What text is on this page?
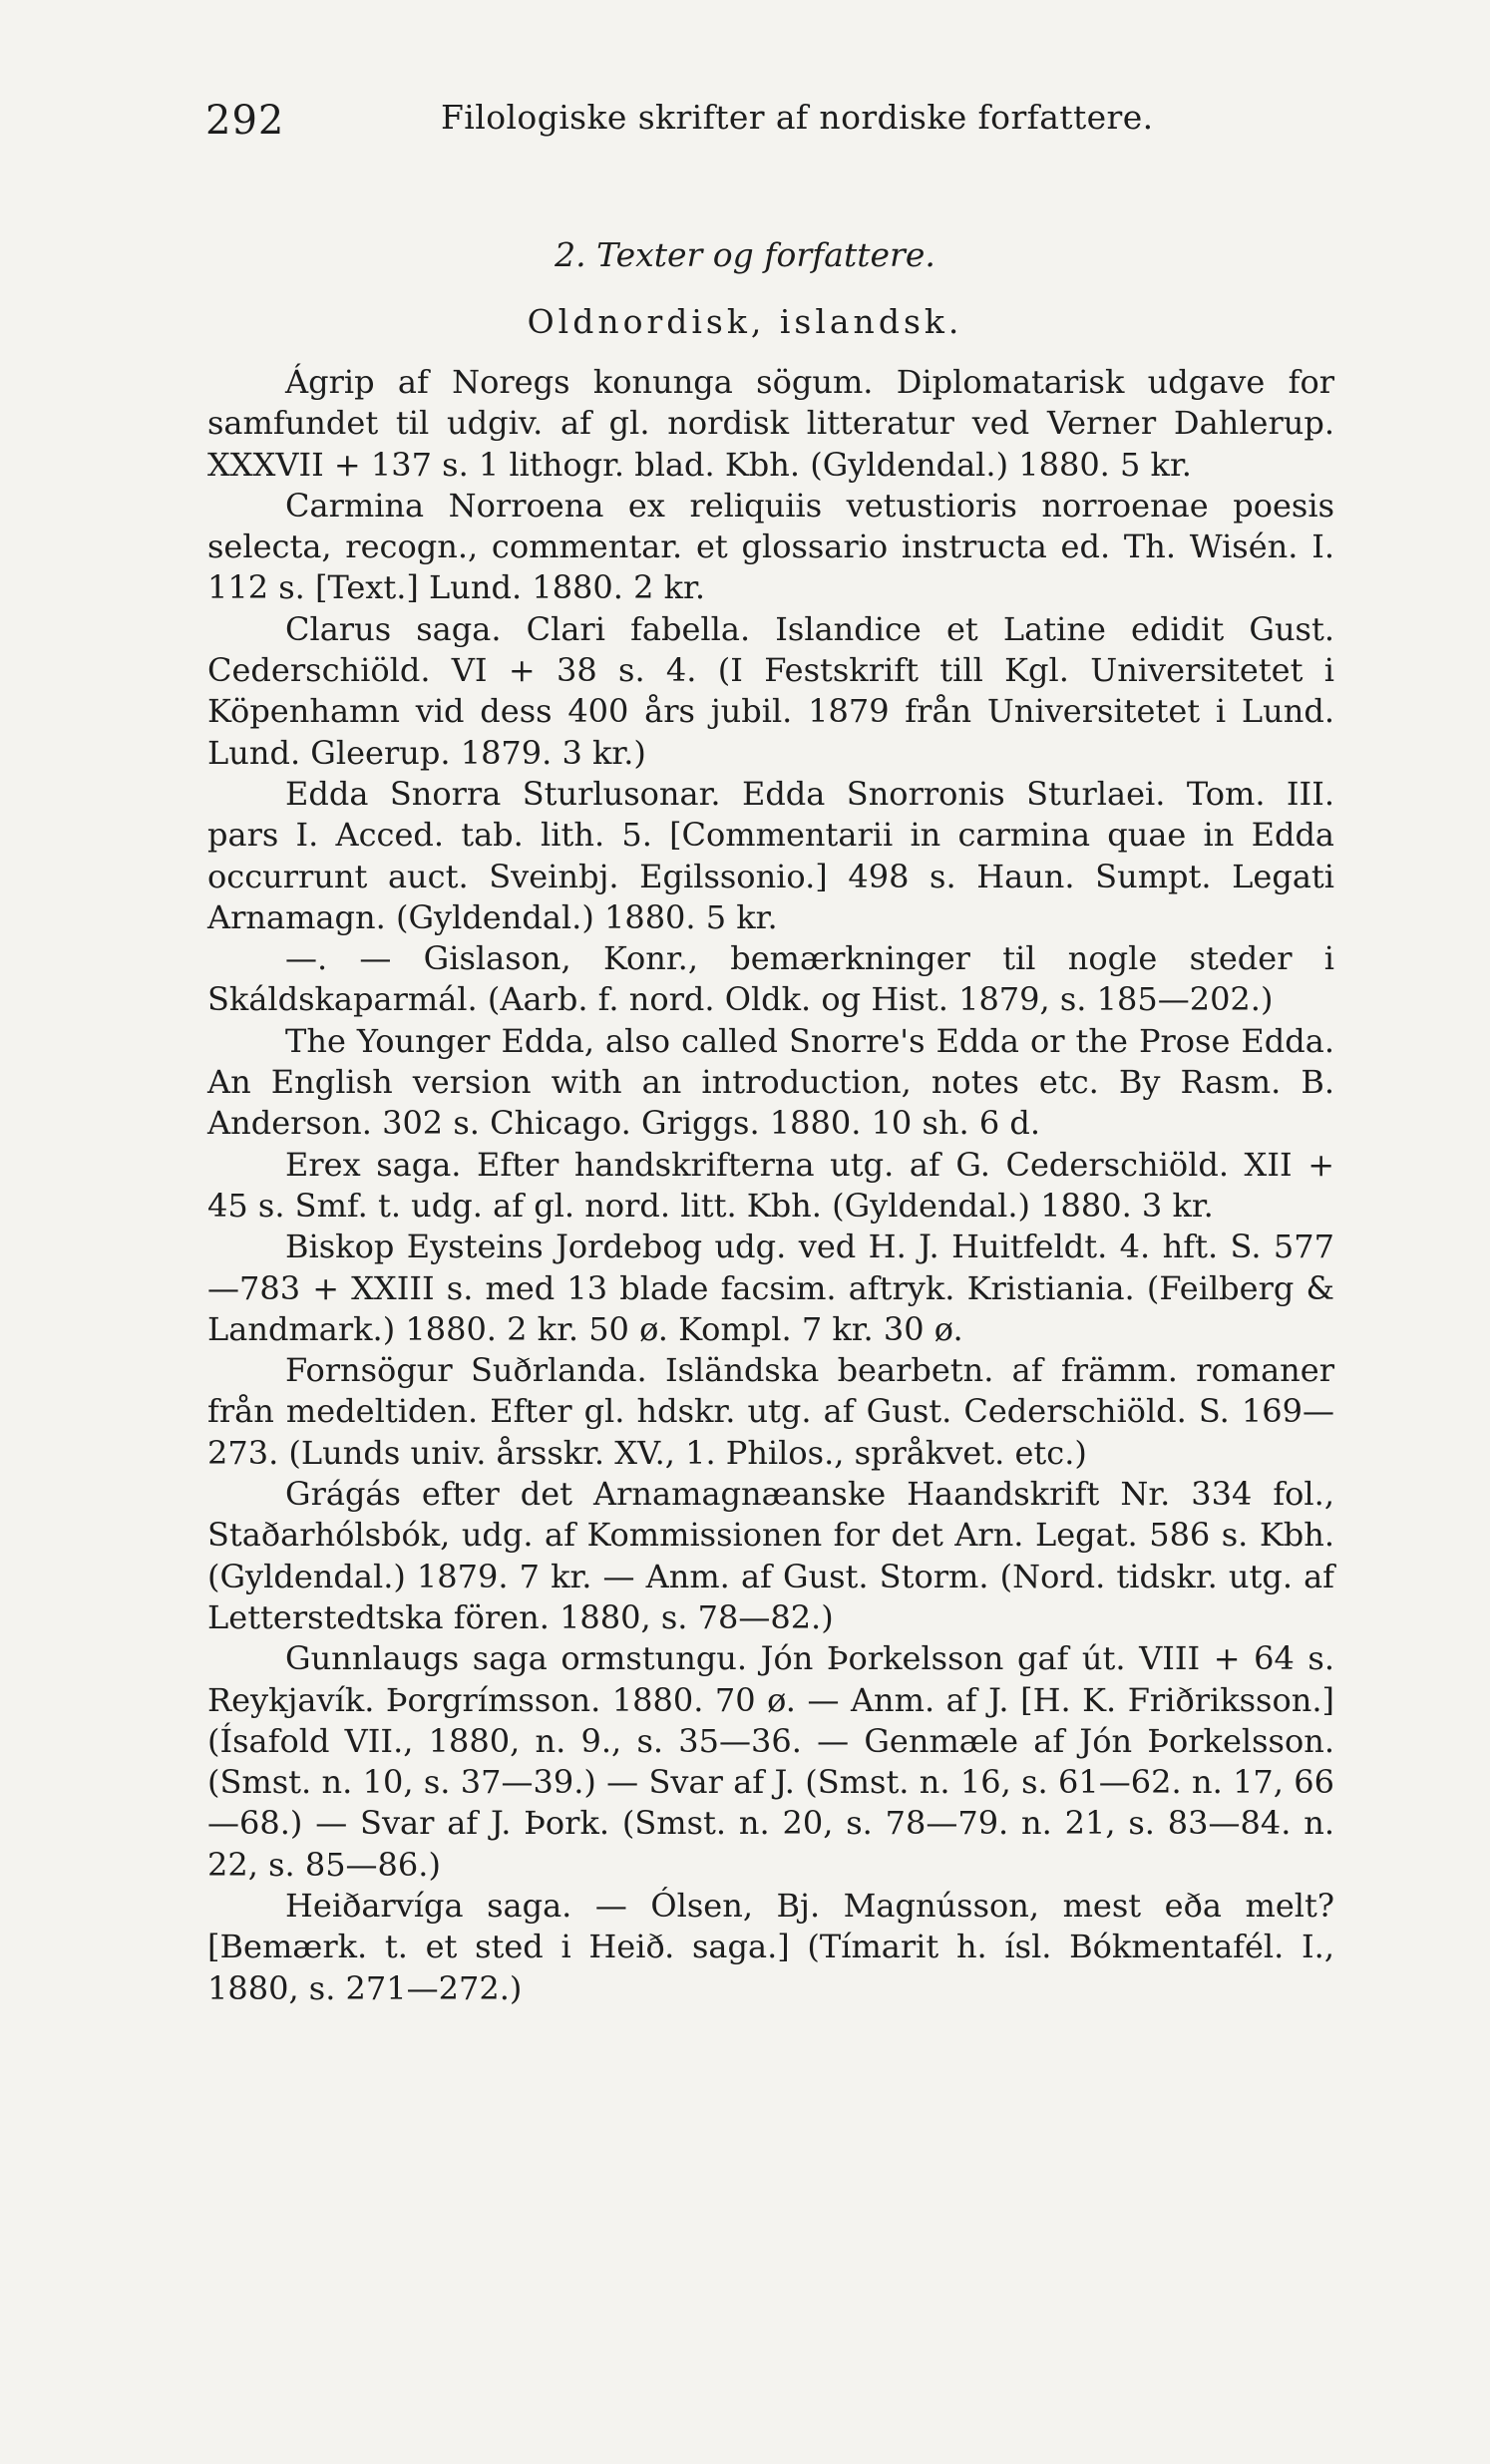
292	Filologiske skrifter af nordiske forfattere.
2. Texter og forfattere.
Oldnordisk, islandsk.

Ágrip af Noregs konunga sögum. Diplomatarisk udgave for samfundet til udgiv. af gl. nordisk litteratur ved Verner Dahlerup. XXXVII + 137 s. 1 lithogr. blad. Kbh. (Gyldendal.) 1880. 5 kr.

Carmina Norroena ex reliquiis vetustioris norroenae poesis selecta, recogn., commentar. et glossario instructa ed. Th. Wisén. I. 112 s. [Text.] Lund. 1880. 2 kr.

Clarus saga. Clari fabella. Islandice et Latine edidit Gust. Cederschiöld. VI + 38 s. 4. (I Festskrift till Kgl. Universitetet i Köpenhamn vid dess 400 års jubil. 1879 från Universitetet i Lund. Lund. Gleerup. 1879. 3 kr.)

Edda Snorra Sturlusonar. Edda Snorronis Sturlaei. Tom. III. pars I. Acced. tab. lith. 5. [Commentarii in carmina quae in Edda occurrunt auct. Sveinbj. Egilssonio.] 498 s. Haun. Sumpt. Legati Arnamagn. (Gyldendal.) 1880. 5 kr.

—. — Gislason, Konr., bemærkninger til nogle steder i Skáldskaparmál. (Aarb. f. nord. Oldk. og Hist. 1879, s. 185—202.)

The Younger Edda, also called Snorre's Edda or the Prose Edda. An English version with an introduction, notes etc. By Rasm. B. Anderson. 302 s. Chicago. Griggs. 1880. 10 sh. 6 d.

Erex saga. Efter handskrifterna utg. af G. Cederschiöld. XII + 45 s. Smf. t. udg. af gl. nord. litt. Kbh. (Gyldendal.) 1880. 3 kr.

Biskop Eysteins Jordebog udg. ved H. J. Huitfeldt. 4. hft. S. 577—783 + XXIII s. med 13 blade facsim. aftryk. Kristiania. (Feilberg & Landmark.) 1880. 2 kr. 50 ø. Kompl. 7 kr. 30 ø.

Fornsögur Suðrlanda. Isländska bearbetn. af främm. romaner från medeltiden. Efter gl. hdskr. utg. af Gust. Cederschiöld. S. 169—273. (Lunds univ. årsskr. XV., 1. Philos., språkvet. etc.)

Grágás efter det Arnamagnæanske Haandskrift Nr. 334 fol., Staðarhólsbók, udg. af Kommissionen for det Arn. Legat. 586 s. Kbh. (Gyldendal.) 1879. 7 kr. — Anm. af Gust. Storm. (Nord. tidskr. utg. af Letterstedtska fören. 1880, s. 78—82.)

Gunnlaugs saga ormstungu. Jón Þorkelsson gaf út. VIII + 64 s. Reykjavík. Þorgrímsson. 1880. 70 ø. — Anm. af J. [H. K. Friðriksson.] (Ísafold VII., 1880, n. 9., s. 35—36. — Genmæle af Jón Þorkelsson. (Smst. n. 10, s. 37—39.) — Svar af J. (Smst. n. 16, s. 61—62. n. 17, 66—68.) — Svar af J. Þork. (Smst. n. 20, s. 78—79. n. 21, s. 83—84. n. 22, s. 85—86.)

Heiðarvíga saga. — Ólsen, Bj. Magnússon, mest eða melt? [Bemærk. t. et sted i Heið. saga.] (Tímarit h. ísl. Bókmentafél. I., 1880, s. 271—272.)
